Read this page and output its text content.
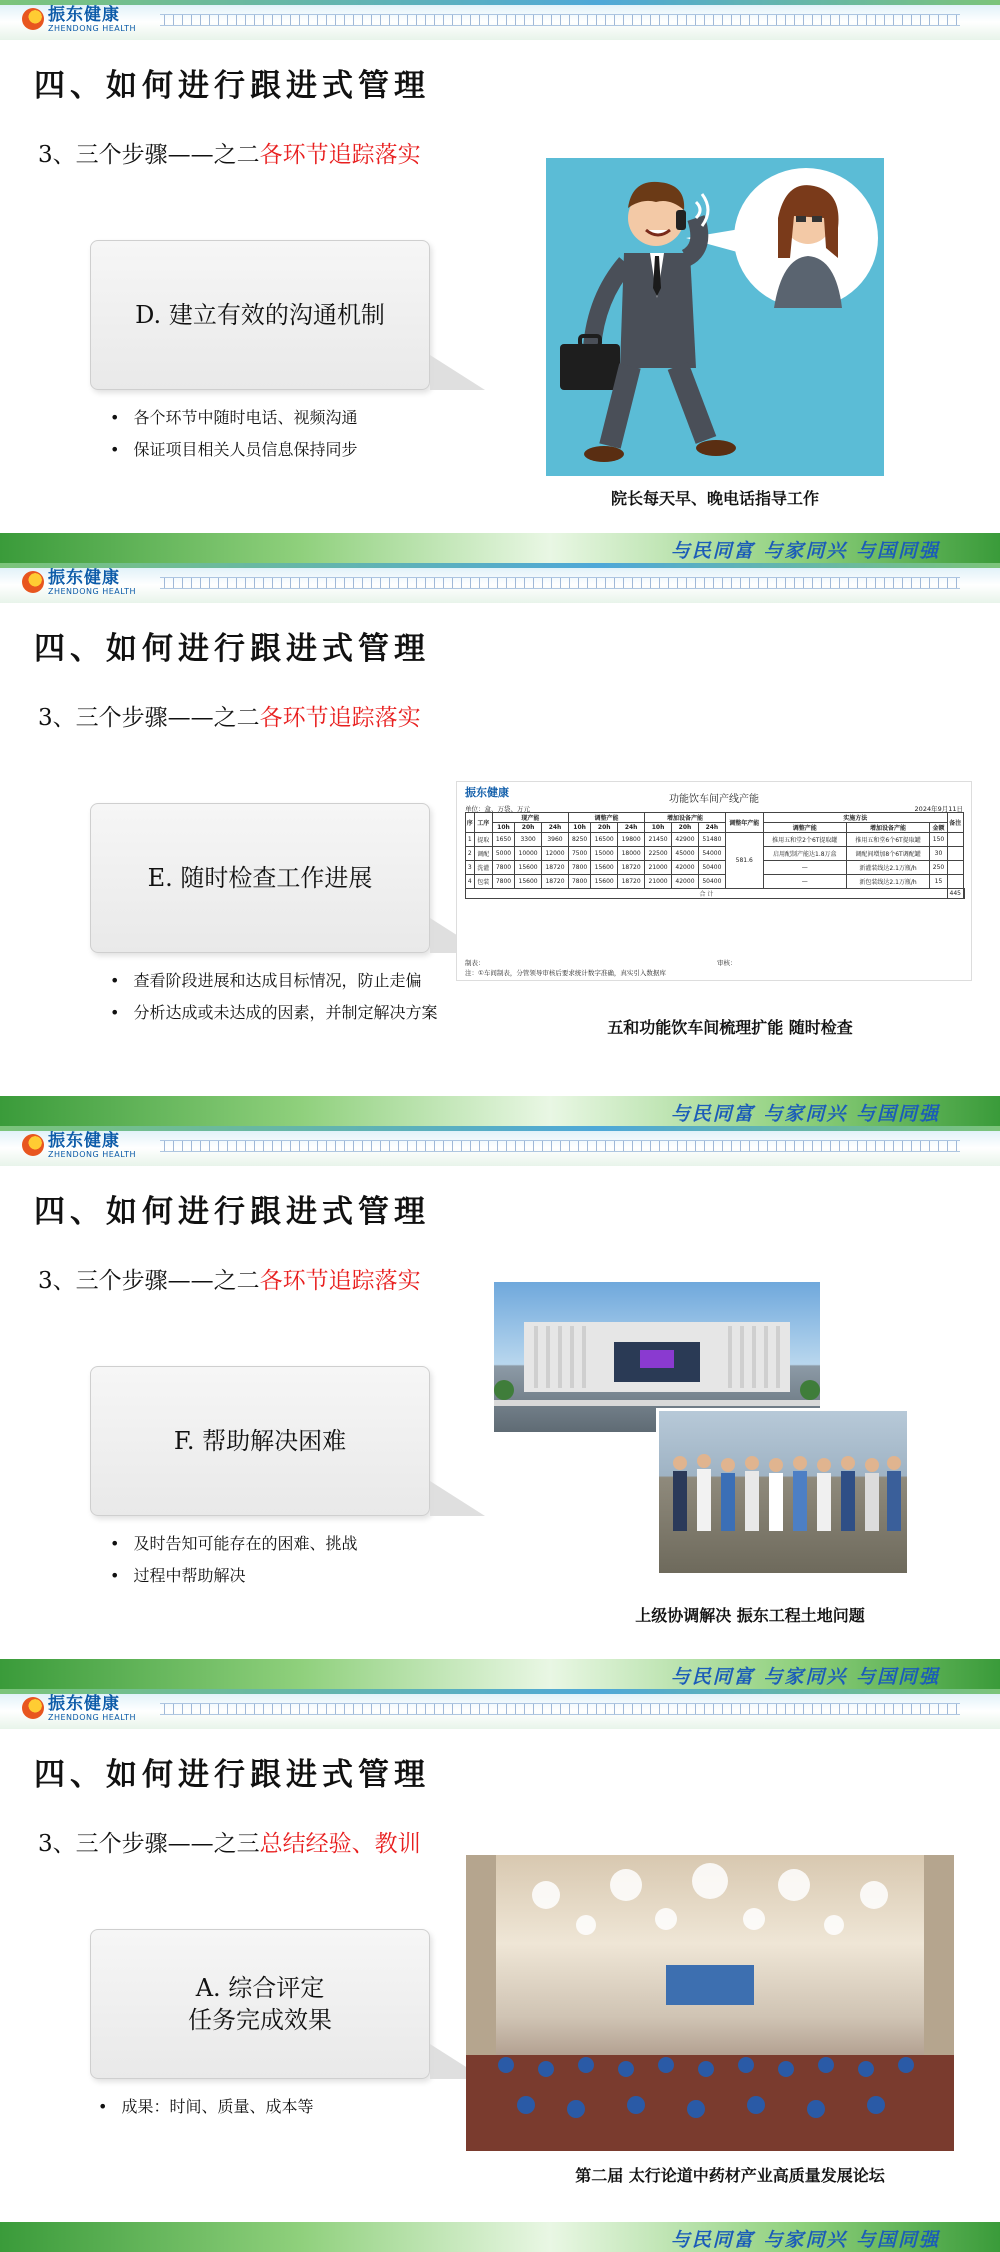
振东健康
ZHENDONG HEALTH
四、如何进行跟进式管理
3、三个步骤——之二各环节追踪落实
D. 建立有效的沟通机制
• 各个环节中随时电话、视频沟通
• 保证项目相关人员信息保持同步
院长每天早、晚电话指导工作
与民同富 与家同兴 与国同强
振东健康
ZHENDONG HEALTH
四、如何进行跟进式管理
3、三个步骤——之二各环节追踪落实
E. 随时检查工作进展
• 查看阶段进展和达成目标情况，防止走偏
• 分析达成或未达成的因素，并制定解决方案
振东健康
功能饮车间产线产能
单位：盒、万袋、万元	2024年9月11日
序	工序	现产能			调整产能			增加设备产能			调整年产能	实施方法			备注	
		10h	20h	24h	10h	20h	24h	10h	20h	24h		调整产能	增加设备产能	金额		
1	提取	1650	3300	3960	8250	16500	19800	21450	42900	51480	581.6	推用五和堂2个6T提取罐	推用五和堂6个6T提取罐	150		
2	调配	5000	10000	12000	7500	15000	18000	22500	45000	54000		启用配制产能达1.8万盒	调配间增加8个6T调配罐	30		
3	洗灌	7800	15600	18720	7800	15600	18720	21000	42000	50400		—	新灌装线达2.1万瓶/h	250		
4	包装	7800	15600	18720	7800	15600	18720	21000	42000	50400		—	新包装线达2.1万瓶/h	15		
合 计															445	
制表：	审核：
注：①车间制表，分管领导审核后要求统计数字准确，真实引入数据库
五和功能饮车间梳理扩能 随时检查
与民同富 与家同兴 与国同强
振东健康
ZHENDONG HEALTH
四、如何进行跟进式管理
3、三个步骤——之二各环节追踪落实
F. 帮助解决困难
• 及时告知可能存在的困难、挑战
• 过程中帮助解决
上级协调解决 振东工程土地问题
与民同富 与家同兴 与国同强
振东健康
ZHENDONG HEALTH
四、如何进行跟进式管理
3、三个步骤——之三总结经验、教训
A. 综合评定
任务完成效果
• 成果：时间、质量、成本等
第二届 太行论道中药材产业高质量发展论坛
与民同富 与家同兴 与国同强
